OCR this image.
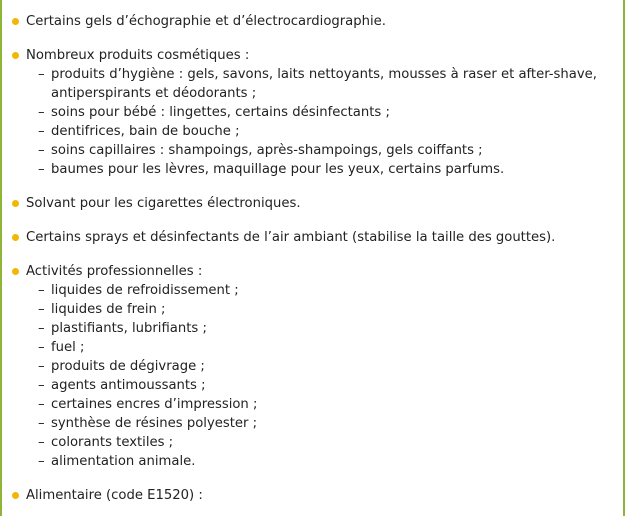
Certains gels d’échographie et d’électrocardiographie.
Nombreux produits cosmétiques :
– produits d’hygiène : gels, savons, laits nettoyants, mousses à raser et after-shave, antiperspirants et déodorants ;
– soins pour bébé : lingettes, certains désinfectants ;
– dentifrices, bain de bouche ;
– soins capillaires : shampoings, après-shampoings, gels coiffants ;
– baumes pour les lèvres, maquillage pour les yeux, certains parfums.
Solvant pour les cigarettes électroniques.
Certains sprays et désinfectants de l’air ambiant (stabilise la taille des gouttes).
Activités professionnelles :
– liquides de refroidissement ;
– liquides de frein ;
– plastifiants, lubrifiants ;
– fuel ;
– produits de dégivrage ;
– agents antimoussants ;
– certaines encres d’impression ;
– synthèse de résines polyester ;
– colorants textiles ;
– alimentation animale.
Alimentaire (code E1520) :
